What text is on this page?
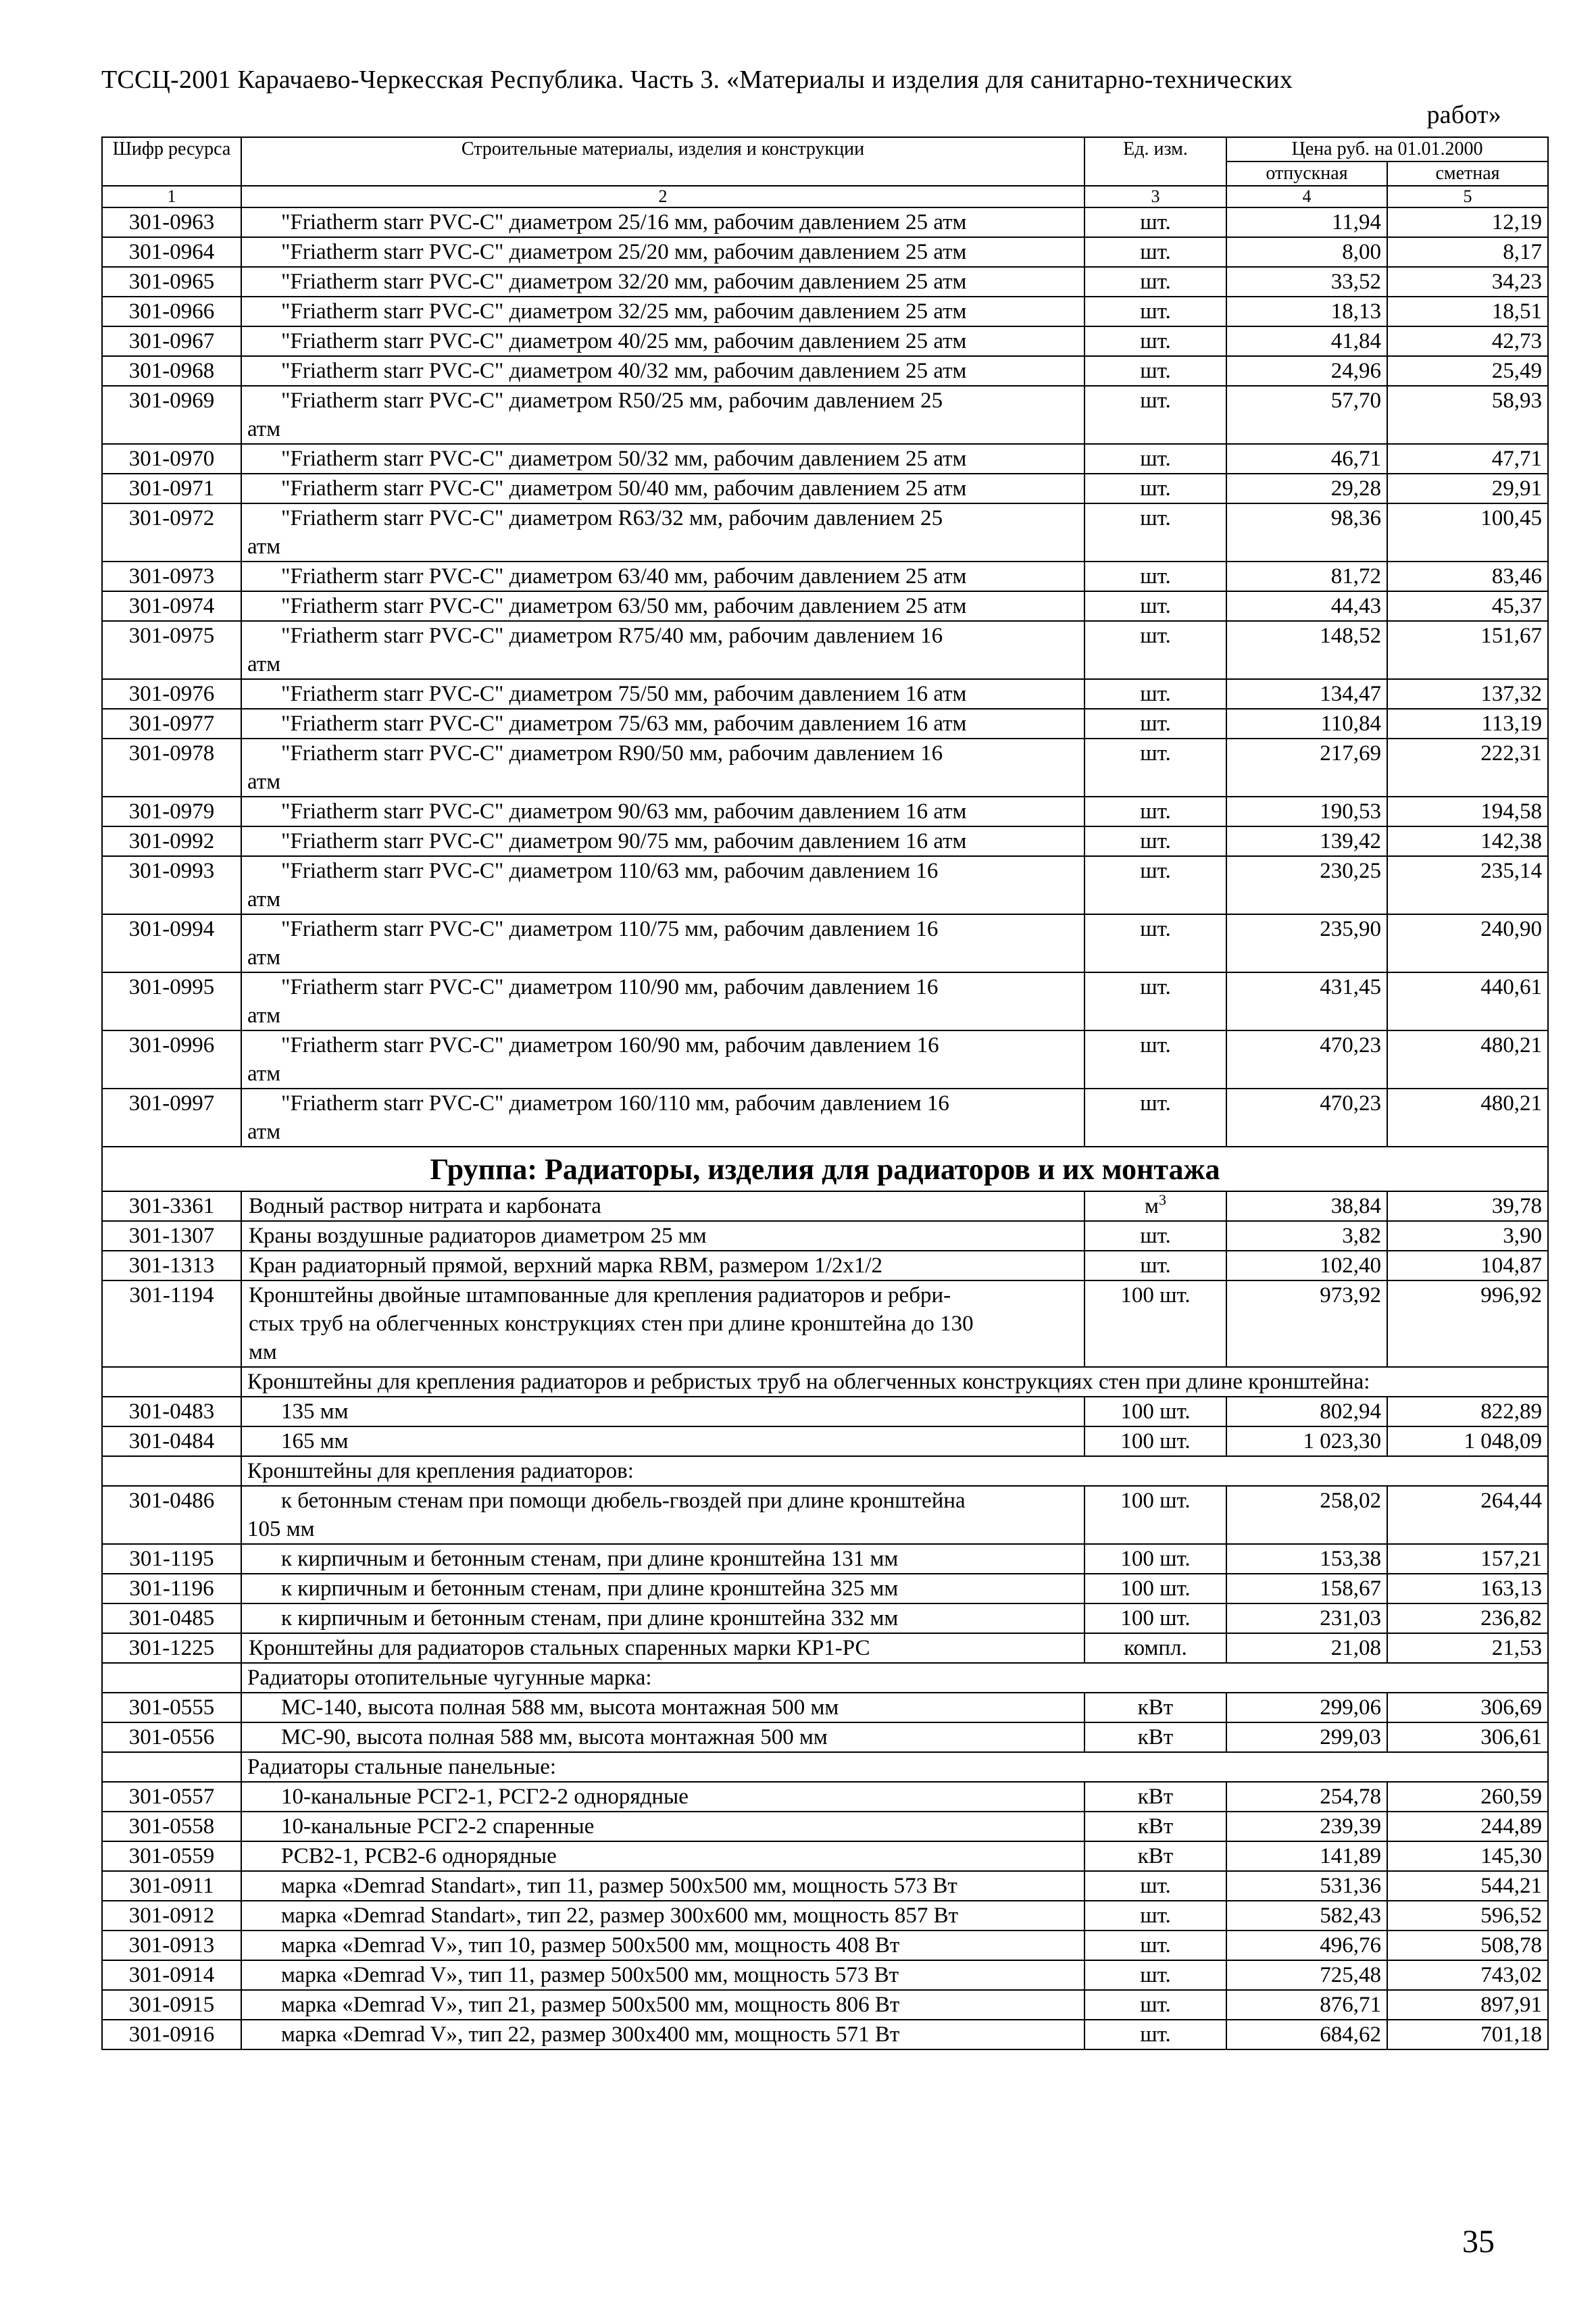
ТССЦ-2001 Карачаево-Черкесская Республика. Часть 3. «Материалы и изделия для санитарно-технических
работ»
Шифр ресурса	Строительные материалы, изделия и конструкции	Ед. изм.	Цена руб. на 01.01.2000	
			отпускная	сметная
1	2	3	4	5
301-0963	"Friatherm starr PVC-C" диаметром 25/16 мм, рабочим давлением 25 атм	шт.	11,94	12,19
301-0964	"Friatherm starr PVC-C" диаметром 25/20 мм, рабочим давлением 25 атм	шт.	8,00	8,17
301-0965	"Friatherm starr PVC-C" диаметром 32/20 мм, рабочим давлением 25 атм	шт.	33,52	34,23
301-0966	"Friatherm starr PVC-C" диаметром 32/25 мм, рабочим давлением 25 атм	шт.	18,13	18,51
301-0967	"Friatherm starr PVC-C" диаметром 40/25 мм, рабочим давлением 25 атм	шт.	41,84	42,73
301-0968	"Friatherm starr PVC-C" диаметром 40/32 мм, рабочим давлением 25 атм	шт.	24,96	25,49
301-0969	"Friatherm starr PVC-C" диаметром R50/25 мм, рабочим давлением 25
атм	шт.	57,70	58,93
301-0970	"Friatherm starr PVC-C" диаметром 50/32 мм, рабочим давлением 25 атм	шт.	46,71	47,71
301-0971	"Friatherm starr PVC-C" диаметром 50/40 мм, рабочим давлением 25 атм	шт.	29,28	29,91
301-0972	"Friatherm starr PVC-C" диаметром R63/32 мм, рабочим давлением 25
атм	шт.	98,36	100,45
301-0973	"Friatherm starr PVC-C" диаметром 63/40 мм, рабочим давлением 25 атм	шт.	81,72	83,46
301-0974	"Friatherm starr PVC-C" диаметром 63/50 мм, рабочим давлением 25 атм	шт.	44,43	45,37
301-0975	"Friatherm starr PVC-C" диаметром R75/40 мм, рабочим давлением 16
атм	шт.	148,52	151,67
301-0976	"Friatherm starr PVC-C" диаметром 75/50 мм, рабочим давлением 16 атм	шт.	134,47	137,32
301-0977	"Friatherm starr PVC-C" диаметром 75/63 мм, рабочим давлением 16 атм	шт.	110,84	113,19
301-0978	"Friatherm starr PVC-C" диаметром R90/50 мм, рабочим давлением 16
атм	шт.	217,69	222,31
301-0979	"Friatherm starr PVC-C" диаметром 90/63 мм, рабочим давлением 16 атм	шт.	190,53	194,58
301-0992	"Friatherm starr PVC-C" диаметром 90/75 мм, рабочим давлением 16 атм	шт.	139,42	142,38
301-0993	"Friatherm starr PVC-C" диаметром 110/63 мм, рабочим давлением 16
атм	шт.	230,25	235,14
301-0994	"Friatherm starr PVC-C" диаметром 110/75 мм, рабочим давлением 16
атм	шт.	235,90	240,90
301-0995	"Friatherm starr PVC-C" диаметром 110/90 мм, рабочим давлением 16
атм	шт.	431,45	440,61
301-0996	"Friatherm starr PVC-C" диаметром 160/90 мм, рабочим давлением 16
атм	шт.	470,23	480,21
301-0997	"Friatherm starr PVC-C" диаметром 160/110 мм, рабочим давлением 16
атм	шт.	470,23	480,21
Группа: Радиаторы, изделия для радиаторов и их монтажа				
301-3361	Водный раствор нитрата и карбоната	$м^3$	38,84	39,78
301-1307	Краны воздушные радиаторов диаметром 25 мм	шт.	3,82	3,90
301-1313	Кран радиаторный прямой, верхний марка RBM, размером 1/2x1/2	шт.	102,40	104,87
301-1194	Кронштейны двойные штампованные для крепления радиаторов и ребри-
стых труб на облегченных конструкциях стен при длине кронштейна до 130
мм	100 шт.	973,92	996,92
	Кронштейны для крепления радиаторов и ребристых труб на облегченных конструкциях стен при длине кронштейна:			
301-0483	135 мм	100 шт.	802,94	822,89
301-0484	165 мм	100 шт.	1 023,30	1 048,09
	Кронштейны для крепления радиаторов:			
301-0486	к бетонным стенам при помощи дюбель-гвоздей при длине кронштейна
105 мм	100 шт.	258,02	264,44
301-1195	к кирпичным и бетонным стенам, при длине кронштейна 131 мм	100 шт.	153,38	157,21
301-1196	к кирпичным и бетонным стенам, при длине кронштейна 325 мм	100 шт.	158,67	163,13
301-0485	к кирпичным и бетонным стенам, при длине кронштейна 332 мм	100 шт.	231,03	236,82
301-1225	Кронштейны для радиаторов стальных спаренных марки КР1-РС	компл.	21,08	21,53
	Радиаторы отопительные чугунные марка:			
301-0555	МС-140, высота полная 588 мм, высота монтажная 500 мм	кВт	299,06	306,69
301-0556	МС-90, высота полная 588 мм, высота монтажная 500 мм	кВт	299,03	306,61
	Радиаторы стальные панельные:			
301-0557	10-канальные РСГ2-1, РСГ2-2 однорядные	кВт	254,78	260,59
301-0558	10-канальные РСГ2-2 спаренные	кВт	239,39	244,89
301-0559	РСВ2-1, РСВ2-6 однорядные	кВт	141,89	145,30
301-0911	марка «Demrad Standart», тип 11, размер 500x500 мм, мощность 573 Вт	шт.	531,36	544,21
301-0912	марка «Demrad Standart», тип 22, размер 300x600 мм, мощность 857 Вт	шт.	582,43	596,52
301-0913	марка «Demrad V», тип 10, размер 500x500 мм, мощность 408 Вт	шт.	496,76	508,78
301-0914	марка «Demrad V», тип 11, размер 500x500 мм, мощность 573 Вт	шт.	725,48	743,02
301-0915	марка «Demrad V», тип 21, размер 500x500 мм, мощность 806 Вт	шт.	876,71	897,91
301-0916	марка «Demrad V», тип 22, размер 300x400 мм, мощность 571 Вт	шт.	684,62	701,18
35
